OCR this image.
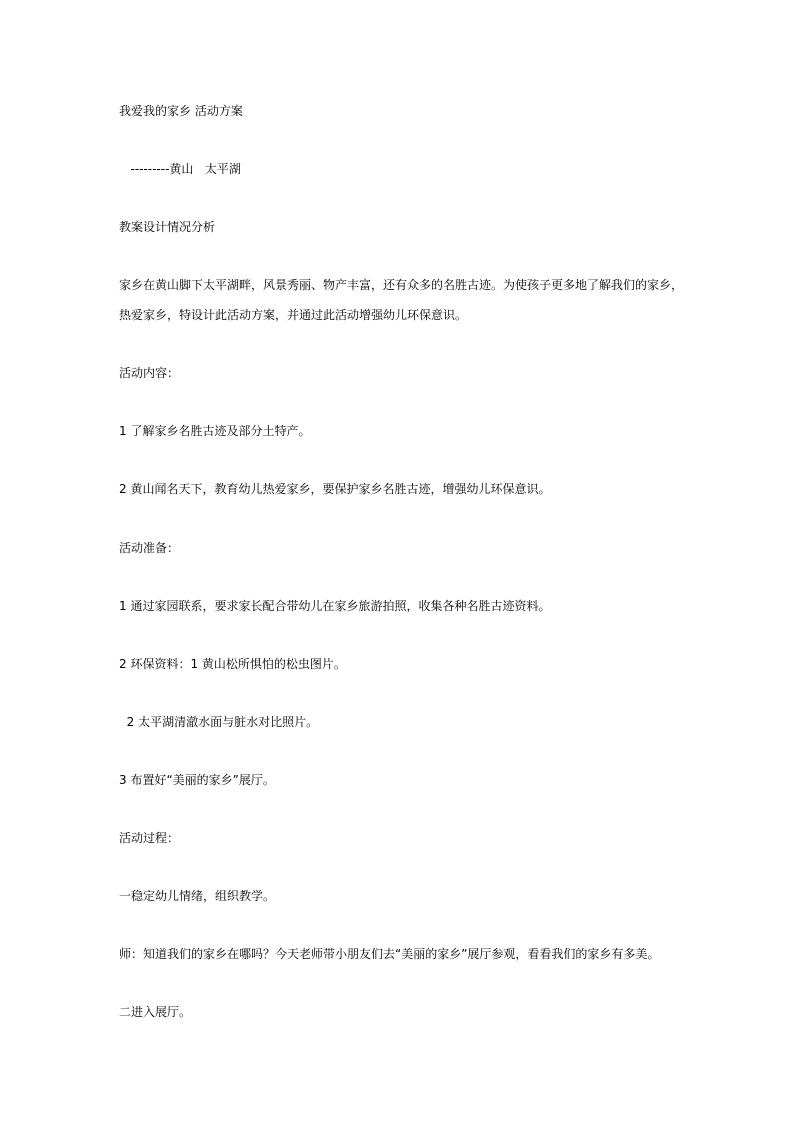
我爱我的家乡 活动方案
---------黄山   太平湖
教案设计情况分析
家乡在黄山脚下太平湖畔，风景秀丽、物产丰富，还有众多的名胜古迹。为使孩子更多地了解我们的家乡，
热爱家乡，特设计此活动方案，并通过此活动增强幼儿环保意识。
活动内容：
1 了解家乡名胜古迹及部分土特产。
2 黄山闻名天下，教育幼儿热爱家乡，要保护家乡名胜古迹，增强幼儿环保意识。
活动准备：
1 通过家园联系，要求家长配合带幼儿在家乡旅游拍照，收集各种名胜古迹资料。
2 环保资料：1 黄山松所惧怕的松虫图片。
2 太平湖清澈水面与脏水对比照片。
3 布置好“美丽的家乡”展厅。
活动过程：
一稳定幼儿情绪，组织教学。
师：知道我们的家乡在哪吗？今天老师带小朋友们去“美丽的家乡”展厅参观，看看我们的家乡有多美。
二进入展厅。
